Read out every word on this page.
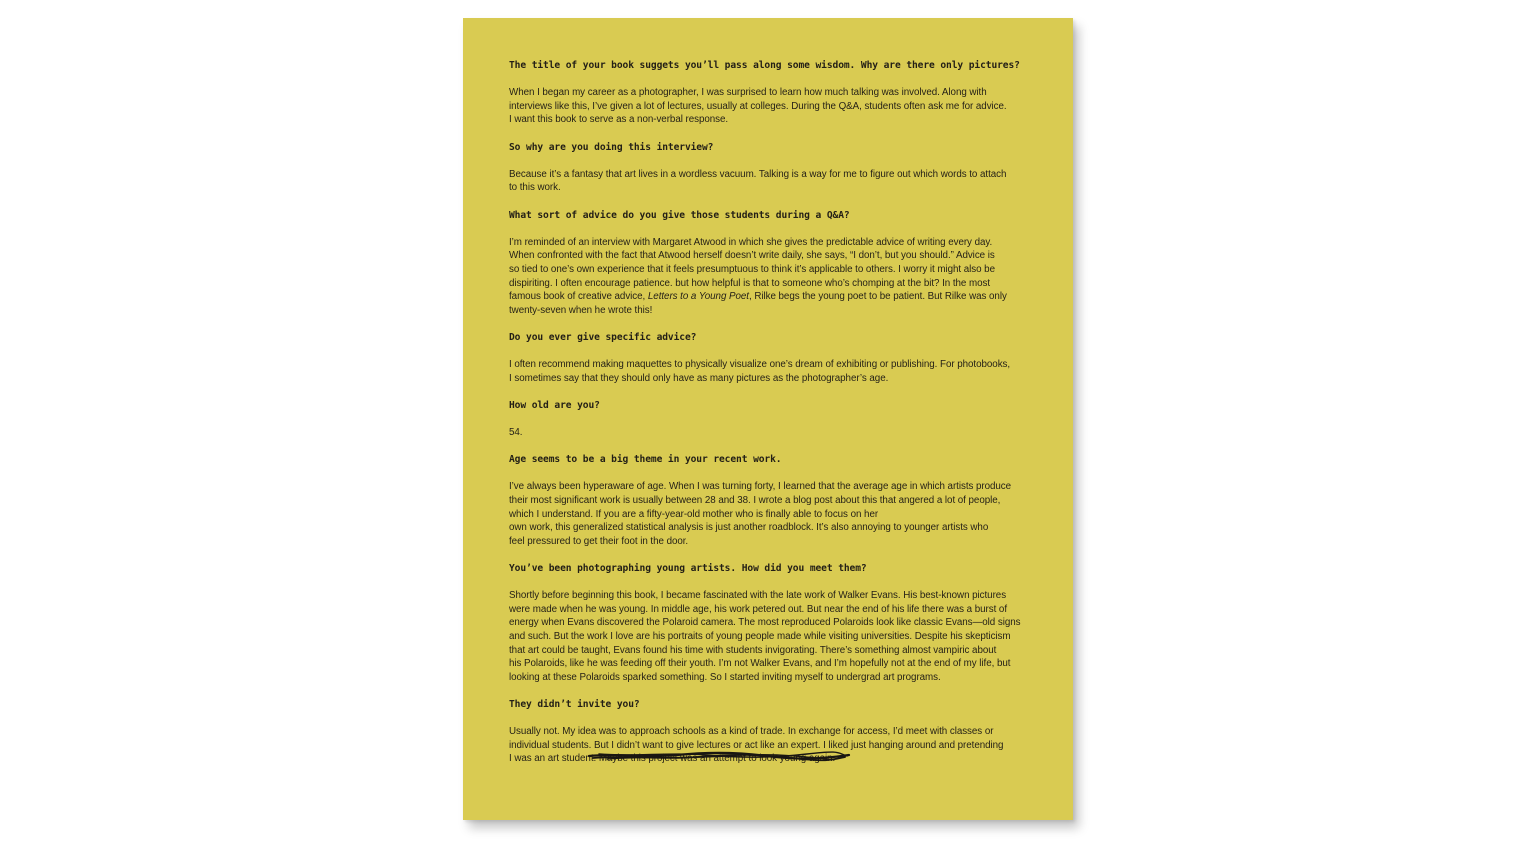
The title of your book suggets you’ll pass along some wisdom. Why are there only pictures?

When I began my career as a photographer, I was surprised to learn how much talking was involved. Along with
interviews like this, I’ve given a lot of lectures, usually at colleges. During the Q&A, students often ask me for advice.
I want this book to serve as a non-verbal response.

So why are you doing this interview?

Because it’s a fantasy that art lives in a wordless vacuum. Talking is a way for me to figure out which words to attach
to this work.

What sort of advice do you give those students during a Q&A?

I’m reminded of an interview with Margaret Atwood in which she gives the predictable advice of writing every day.
When confronted with the fact that Atwood herself doesn’t write daily, she says, “I don’t, but you should.” Advice is
so tied to one’s own experience that it feels presumptuous to think it’s applicable to others. I worry it might also be
dispiriting. I often encourage patience. but how helpful is that to someone who’s chomping at the bit? In the most
famous book of creative advice, Letters to a Young Poet, Rilke begs the young poet to be patient. But Rilke was only
twenty-seven when he wrote this!

Do you ever give specific advice?

I often recommend making maquettes to physically visualize one’s dream of exhibiting or publishing. For photobooks,
I sometimes say that they should only have as many pictures as the photographer’s age.

How old are you?

54.

Age seems to be a big theme in your recent work.

I’ve always been hyperaware of age. When I was turning forty, I learned that the average age in which artists produce
their most significant work is usually between 28 and 38. I wrote a blog post about this that angered a lot of people,
which I understand. If you are a fifty-year-old mother who is finally able to focus on her
own work, this generalized statistical analysis is just another roadblock. It’s also annoying to younger artists who
feel pressured to get their foot in the door.

You’ve been photographing young artists. How did you meet them?

Shortly before beginning this book, I became fascinated with the late work of Walker Evans. His best-known pictures
were made when he was young. In middle age, his work petered out. But near the end of his life there was a burst of
energy when Evans discovered the Polaroid camera. The most reproduced Polaroids look like classic Evans—old signs
and such. But the work I love are his portraits of young people made while visiting universities. Despite his skepticism
that art could be taught, Evans found his time with students invigorating. There’s something almost vampiric about
his Polaroids, like he was feeding off their youth. I’m not Walker Evans, and I’m hopefully not at the end of my life, but
looking at these Polaroids sparked something. So I started inviting myself to undergrad art programs.

They didn’t invite you?

Usually not. My idea was to approach schools as a kind of trade. In exchange for access, I’d meet with classes or
individual students. But I didn’t want to give lectures or act like an expert. I liked just hanging around and pretending
I was an art student. Maybe this project was an attempt to look young again.
